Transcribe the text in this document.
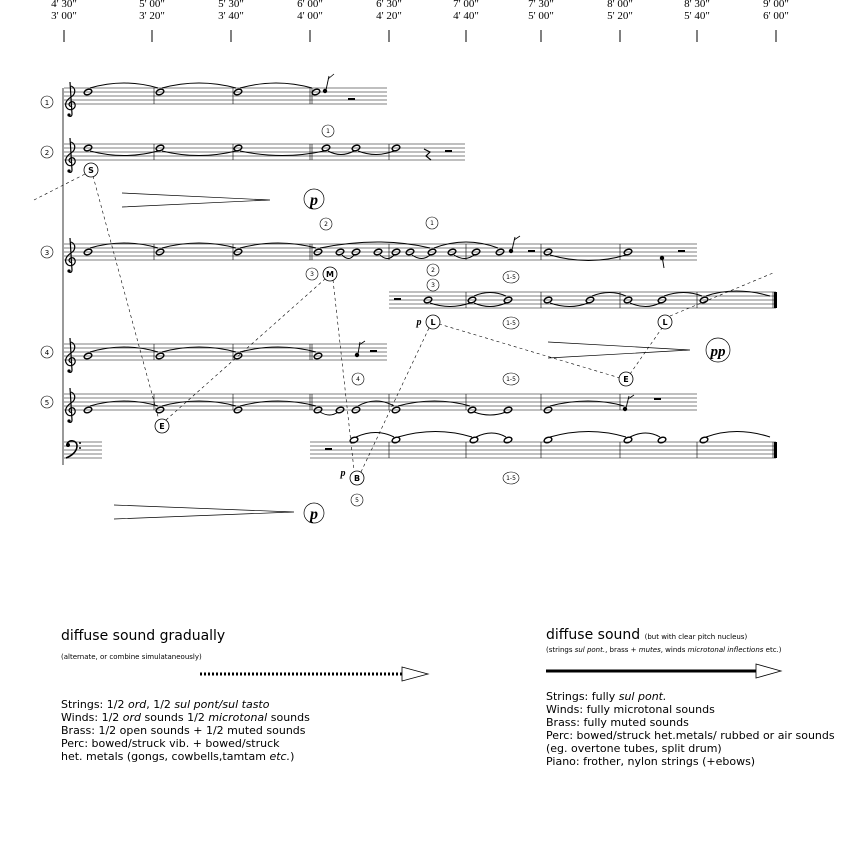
4' 30"
3' 00"
5' 00"
3' 20"
5' 30"
3' 40"
6' 00"
4' 00"
6' 30"
4' 20"
7' 00"
4' 40"
7' 30"
5' 00"
8' 00"
5' 20"
8' 30"
5' 40"
9' 00"
6' 00"
S
M
E
L	L
E
B
1
2
3
4
5
1
2	1
3
2
3
1-5
1-5
4	1-5
1-5
5
p
pp
p
p
p
diffuse sound gradually
(alternate, or combine simulataneously)
Strings: 1/2 ord, 1/2 sul pont/sul tasto
Winds: 1/2 ord sounds 1/2 microtonal sounds
Brass: 1/2 open sounds + 1/2 muted sounds
Perc: bowed/struck vib. + bowed/struck
het. metals (gongs, cowbells,tamtam etc.)
diffuse sound (but with clear pitch nucleus)
(strings sul pont., brass + mutes, winds microtonal inflections etc.)
Strings: fully sul pont.
Winds: fully microtonal sounds
Brass: fully muted sounds
Perc: bowed/struck het.metals/ rubbed or air sounds
(eg. overtone tubes, split drum)
Piano: frother, nylon strings (+ebows)
